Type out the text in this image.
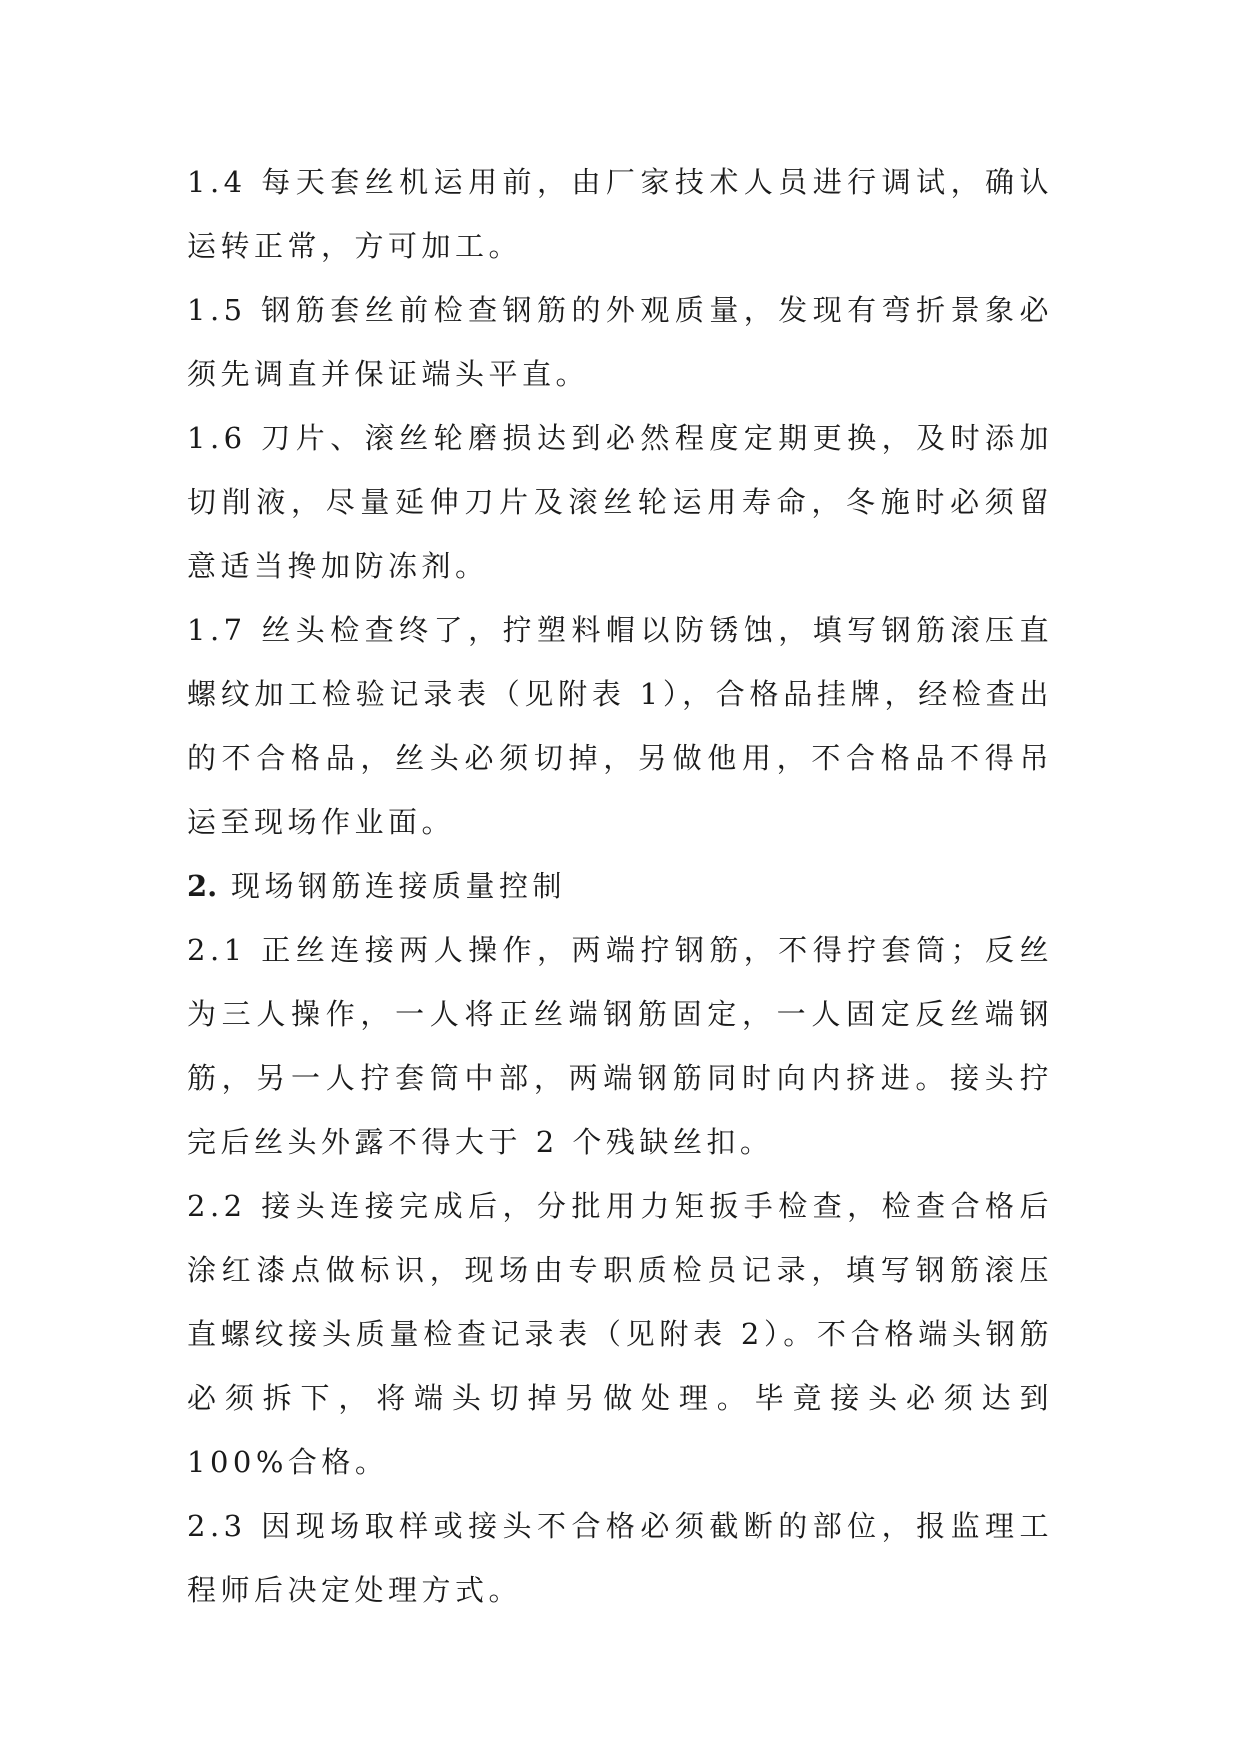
1.4 每天套丝机运用前，由厂家技术人员进行调试，确认运转正常，方可加工。

1.5 钢筋套丝前检查钢筋的外观质量，发现有弯折景象必须先调直并保证端头平直。

1.6 刀片、滚丝轮磨损达到必然程度定期更换，及时添加切削液，尽量延伸刀片及滚丝轮运用寿命，冬施时必须留意适当搀加防冻剂。

1.7 丝头检查终了，拧塑料帽以防锈蚀，填写钢筋滚压直螺纹加工检验记录表（见附表 1），合格品挂牌，经检查出的不合格品，丝头必须切掉，另做他用，不合格品不得吊运至现场作业面。

2. 现场钢筋连接质量控制

2.1 正丝连接两人操作，两端拧钢筋，不得拧套筒；反丝为三人操作，一人将正丝端钢筋固定，一人固定反丝端钢筋，另一人拧套筒中部，两端钢筋同时向内挤进。接头拧完后丝头外露不得大于 2 个残缺丝扣。

2.2 接头连接完成后，分批用力矩扳手检查，检查合格后涂红漆点做标识，现场由专职质检员记录，填写钢筋滚压直螺纹接头质量检查记录表（见附表 2）。不合格端头钢筋必须拆下，将端头切掉另做处理。毕竟接头必须达到 100%合格。

2.3 因现场取样或接头不合格必须截断的部位，报监理工程师后决定处理方式。
